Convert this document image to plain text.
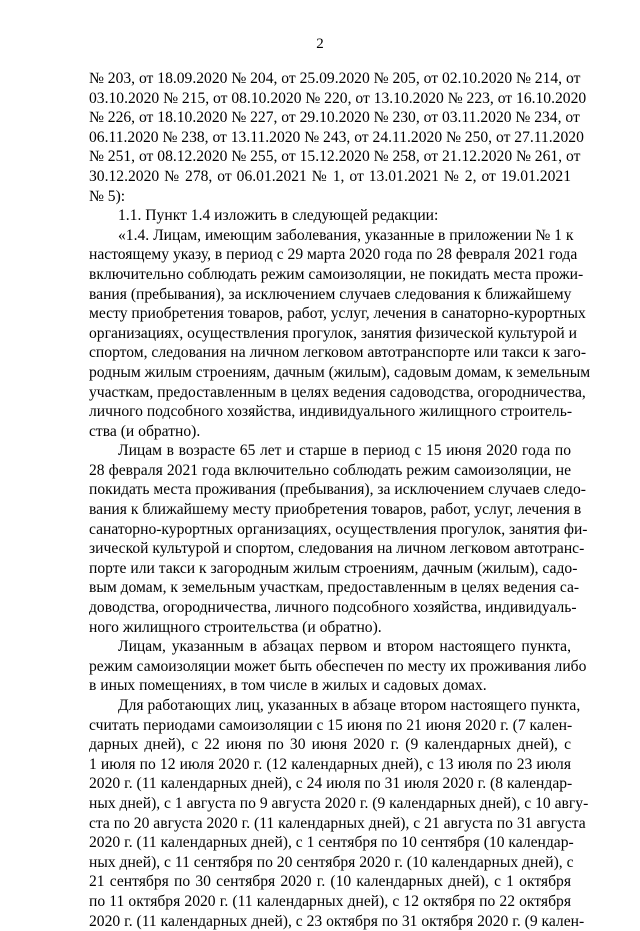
2
№ 203, от 18.09.2020 № 204, от 25.09.2020 № 205, от 02.10.2020 № 214, от
03.10.2020 № 215, от 08.10.2020 № 220, от 13.10.2020 № 223, от 16.10.2020
№ 226, от 18.10.2020 № 227, от 29.10.2020 № 230, от 03.11.2020 № 234, от
06.11.2020 № 238, от 13.11.2020 № 243, от 24.11.2020 № 250, от 27.11.2020
№ 251, от 08.12.2020 № 255, от 15.12.2020 № 258, от 21.12.2020 № 261, от
30.12.2020 № 278, от 06.01.2021 № 1, от 13.01.2021 № 2, от 19.01.2021
№ 5):
1.1. Пункт 1.4 изложить в следующей редакции:
«1.4. Лицам, имеющим заболевания, указанные в приложении № 1 к
настоящему указу, в период с 29 марта 2020 года по 28 февраля 2021 года
включительно соблюдать режим самоизоляции, не покидать места прожи-
вания (пребывания), за исключением случаев следования к ближайшему
месту приобретения товаров, работ, услуг, лечения в санаторно-курортных
организациях, осуществления прогулок, занятия физической культурой и
спортом, следования на личном легковом автотранспорте или такси к заго-
родным жилым строениям, дачным (жилым), садовым домам, к земельным
участкам, предоставленным в целях ведения садоводства, огородничества,
личного подсобного хозяйства, индивидуального жилищного строитель-
ства (и обратно).
Лицам в возрасте 65 лет и старше в период с 15 июня 2020 года по
28 февраля 2021 года включительно соблюдать режим самоизоляции, не
покидать места проживания (пребывания), за исключением случаев следо-
вания к ближайшему месту приобретения товаров, работ, услуг, лечения в
санаторно-курортных организациях, осуществления прогулок, занятия фи-
зической культурой и спортом, следования на личном легковом автотранс-
порте или такси к загородным жилым строениям, дачным (жилым), садо-
вым домам, к земельным участкам, предоставленным в целях ведения са-
доводства, огородничества, личного подсобного хозяйства, индивидуаль-
ного жилищного строительства (и обратно).
Лицам, указанным в абзацах первом и втором настоящего пункта,
режим самоизоляции может быть обеспечен по месту их проживания либо
в иных помещениях, в том числе в жилых и садовых домах.
Для работающих лиц, указанных в абзаце втором настоящего пункта,
считать периодами самоизоляции с 15 июня по 21 июня 2020 г. (7 кален-
дарных дней), с 22 июня по 30 июня 2020 г. (9 календарных дней), с
1 июля по 12 июля 2020 г. (12 календарных дней), с 13 июля по 23 июля
2020 г. (11 календарных дней), с 24 июля по 31 июля 2020 г. (8 календар-
ных дней), с 1 августа по 9 августа 2020 г. (9 календарных дней), с 10 авгу-
ста по 20 августа 2020 г. (11 календарных дней), с 21 августа по 31 августа
2020 г. (11 календарных дней), с 1 сентября по 10 сентября (10 календар-
ных дней), с 11 сентября по 20 сентября 2020 г. (10 календарных дней), с
21 сентября по 30 сентября 2020 г. (10 календарных дней), с 1 октября
по 11 октября 2020 г. (11 календарных дней), с 12 октября по 22 октября
2020 г. (11 календарных дней), с 23 октября по 31 октября 2020 г. (9 кален-
